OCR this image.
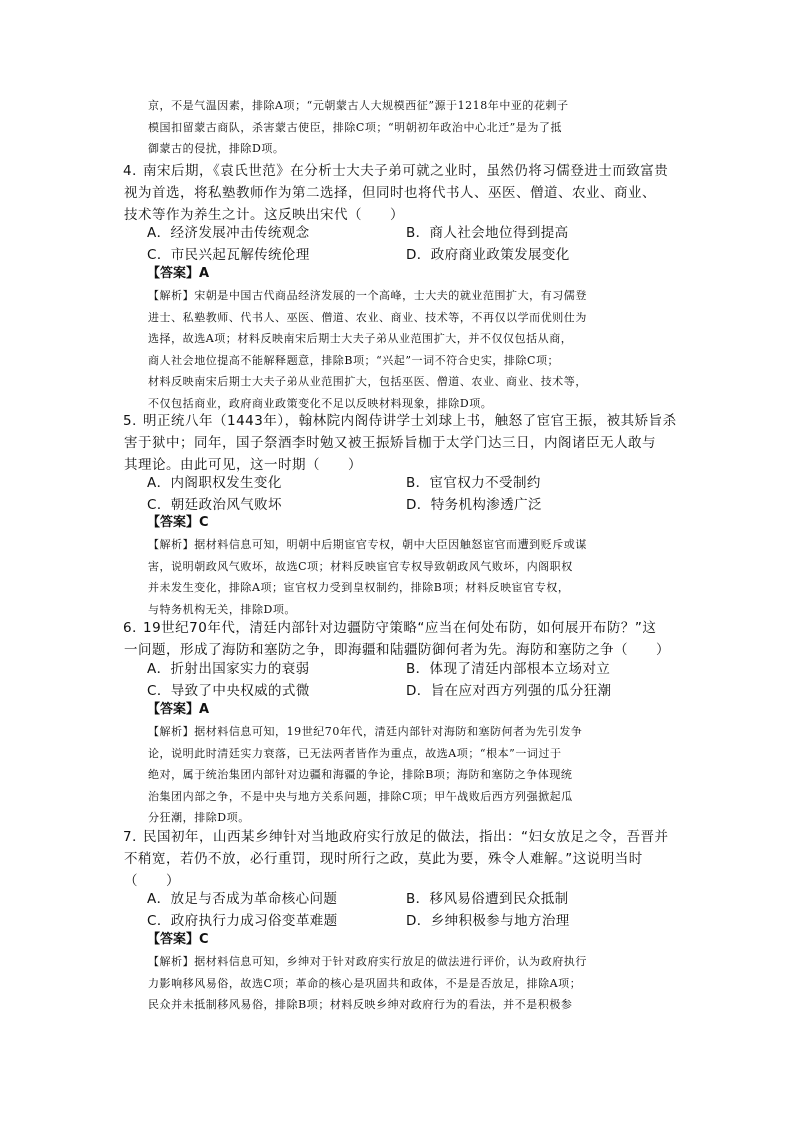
京，不是气温因素，排除A项；“元朝蒙古人大规模西征”源于1218年中亚的花剌子
模国扣留蒙古商队，杀害蒙古使臣，排除C项；“明朝初年政治中心北迁”是为了抵
御蒙古的侵扰，排除D项。
4．
南宋后期，《袁氏世范》在分析士大夫子弟可就之业时，虽然仍将习儒登进士而致富贵
视为首选，将私塾教师作为第二选择，但同时也将代书人、巫医、僧道、农业、商业、
技术等作为养生之计。这反映出宋代（　　）
A．经济发展冲击传统观念	B．商人社会地位得到提高
C．市民兴起瓦解传统伦理	D．政府商业政策发展变化
【答案】A
【解析】宋朝是中国古代商品经济发展的一个高峰，士大夫的就业范围扩大，有习儒登
进士、私塾教师、代书人、巫医、僧道、农业、商业、技术等，不再仅以学而优则仕为
选择，故选A项；材料反映南宋后期士大夫子弟从业范围扩大，并不仅仅包括从商，
商人社会地位提高不能解释题意，排除B项；“兴起”一词不符合史实，排除C项；
材料反映南宋后期士大夫子弟从业范围扩大，包括巫医、僧道、农业、商业、技术等，
不仅包括商业，政府商业政策变化不足以反映材料现象，排除D项。
5．
明正统八年（1443年），翰林院内阁侍讲学士刘球上书，触怒了宦官王振，被其矫旨杀
害于狱中；同年，国子祭酒李时勉又被王振矫旨枷于太学门达三日，内阁诸臣无人敢与
其理论。由此可见，这一时期（　　）
A．内阁职权发生变化	B．宦官权力不受制约
C．朝廷政治风气败坏	D．特务机构渗透广泛
【答案】C
【解析】据材料信息可知，明朝中后期宦官专权，朝中大臣因触怒宦官而遭到贬斥或谋
害，说明朝政风气败坏，故选C项；材料反映宦官专权导致朝政风气败坏，内阁职权
并未发生变化，排除A项；宦官权力受到皇权制约，排除B项；材料反映宦官专权，
与特务机构无关，排除D项。
6．
19世纪70年代，清廷内部针对边疆防守策略“应当在何处布防，如何展开布防？”这
一问题，形成了海防和塞防之争，即海疆和陆疆防御何者为先。海防和塞防之争（　　）
A．折射出国家实力的衰弱	B．体现了清廷内部根本立场对立
C．导致了中央权威的式微	D．旨在应对西方列强的瓜分狂潮
【答案】A
【解析】据材料信息可知，19世纪70年代，清廷内部针对海防和塞防何者为先引发争
论，说明此时清廷实力衰落，已无法两者皆作为重点，故选A项；“根本”一词过于
绝对，属于统治集团内部针对边疆和海疆的争论，排除B项；海防和塞防之争体现统
治集团内部之争，不是中央与地方关系问题，排除C项；甲午战败后西方列强掀起瓜
分狂潮，排除D项。
7．
民国初年，山西某乡绅针对当地政府实行放足的做法，指出：“妇女放足之令，吾晋并
不稍宽，若仍不放，必行重罚，现时所行之政，莫此为要，殊令人难解。”这说明当时
（　　）
A．放足与否成为革命核心问题	B．移风易俗遭到民众抵制
C．政府执行力成习俗变革难题	D．乡绅积极参与地方治理
【答案】C
【解析】据材料信息可知，乡绅对于针对政府实行放足的做法进行评价，认为政府执行
力影响移风易俗，故选C项；革命的核心是巩固共和政体，不是是否放足，排除A项；
民众并未抵制移风易俗，排除B项；材料反映乡绅对政府行为的看法，并不是积极参
